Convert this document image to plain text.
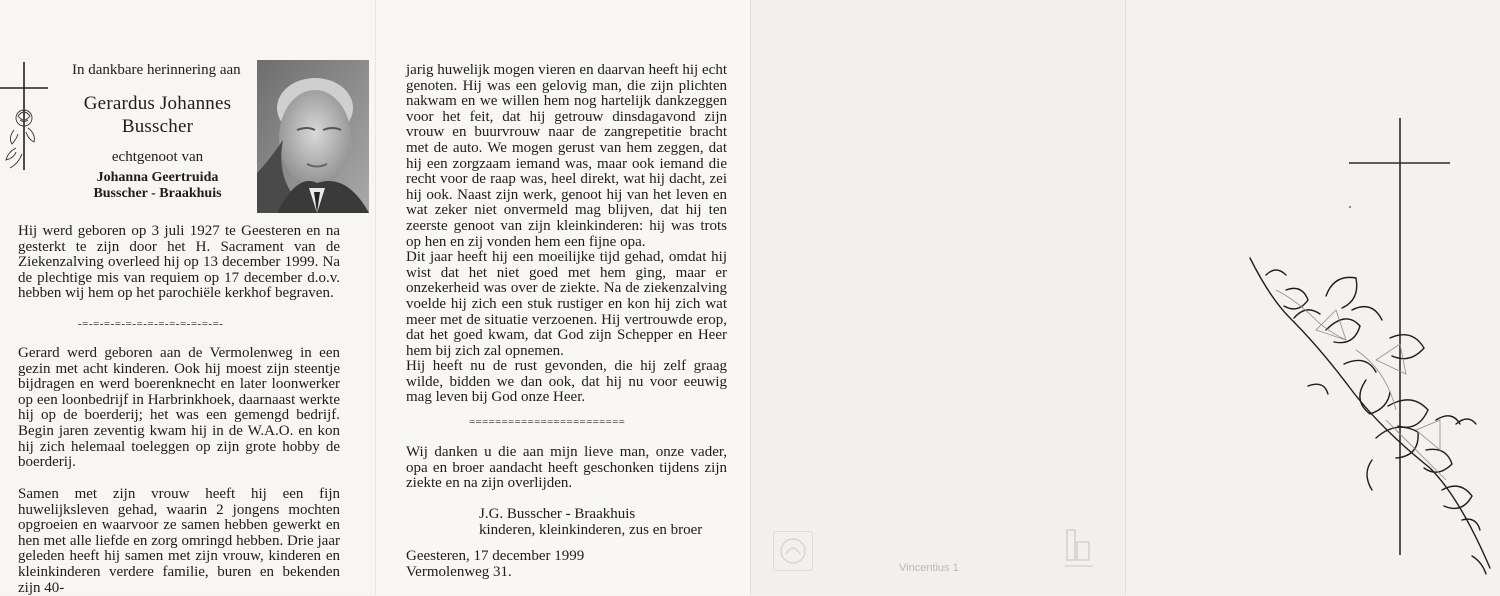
In dankbare herinnering aan
Gerardus Johannes
Busscher
echtgenoot van
Johanna Geertruida
Busscher - Braakhuis
Hij werd geboren op 3 juli 1927 te Geesteren en na gesterkt te zijn door het H. Sacrament van de Ziekenzalving overleed hij op 13 december 1999. Na de plechtige mis van requiem op 17 december d.o.v. hebben wij hem op het parochiële kerkhof begraven.
-=-=-=-=-=-=-=-=-=-=-=-=-=-
Gerard werd geboren aan de Vermolenweg in een gezin met acht kinderen. Ook hij moest zijn steentje bijdragen en werd boerenknecht en later loonwerker op een loonbedrijf in Harbrinkhoek, daarnaast werkte hij op de boerderij; het was een gemengd bedrijf. Begin jaren zeventig kwam hij in de W.A.O. en kon hij zich helemaal toeleggen op zijn grote hobby de boerderij.
Samen met zijn vrouw heeft hij een fijn huwelijksleven gehad, waarin 2 jongens mochten opgroeien en waarvoor ze samen hebben gewerkt en hen met alle liefde en zorg omringd hebben. Drie jaar geleden heeft hij samen met zijn vrouw, kinderen en kleinkinderen verdere familie, buren en bekenden zijn 40-
jarig huwelijk mogen vieren en daarvan heeft hij echt genoten. Hij was een gelovig man, die zijn plichten nakwam en we willen hem nog hartelijk dankzeggen voor het feit, dat hij getrouw dinsdagavond zijn vrouw en buurvrouw naar de zangrepetitie bracht met de auto. We mogen gerust van hem zeggen, dat hij een zorgzaam iemand was, maar ook iemand die recht voor de raap was, heel direkt, wat hij dacht, zei hij ook. Naast zijn werk, genoot hij van het leven en wat zeker niet onvermeld mag blijven, dat hij ten zeerste genoot van zijn kleinkinderen: hij was trots op hen en zij vonden hem een fijne opa.
Dit jaar heeft hij een moeilijke tijd gehad, omdat hij wist dat het niet goed met hem ging, maar er onzekerheid was over de ziekte. Na de ziekenzalving voelde hij zich een stuk rustiger en kon hij zich wat meer met de situatie verzoenen. Hij vertrouwde erop, dat het goed kwam, dat God zijn Schepper en Heer hem bij zich zal opnemen.
Hij heeft nu de rust gevonden, die hij zelf graag wilde, bidden we dan ook, dat hij nu voor eeuwig mag leven bij God onze Heer.
========================
Wij danken u die aan mijn lieve man, onze vader, opa en broer aandacht heeft geschonken tijdens zijn ziekte en na zijn overlijden.
J.G. Busscher - Braakhuis
kinderen, kleinkinderen, zus en broer
Geesteren, 17 december 1999
Vermolenweg 31.	Vincentius 1
